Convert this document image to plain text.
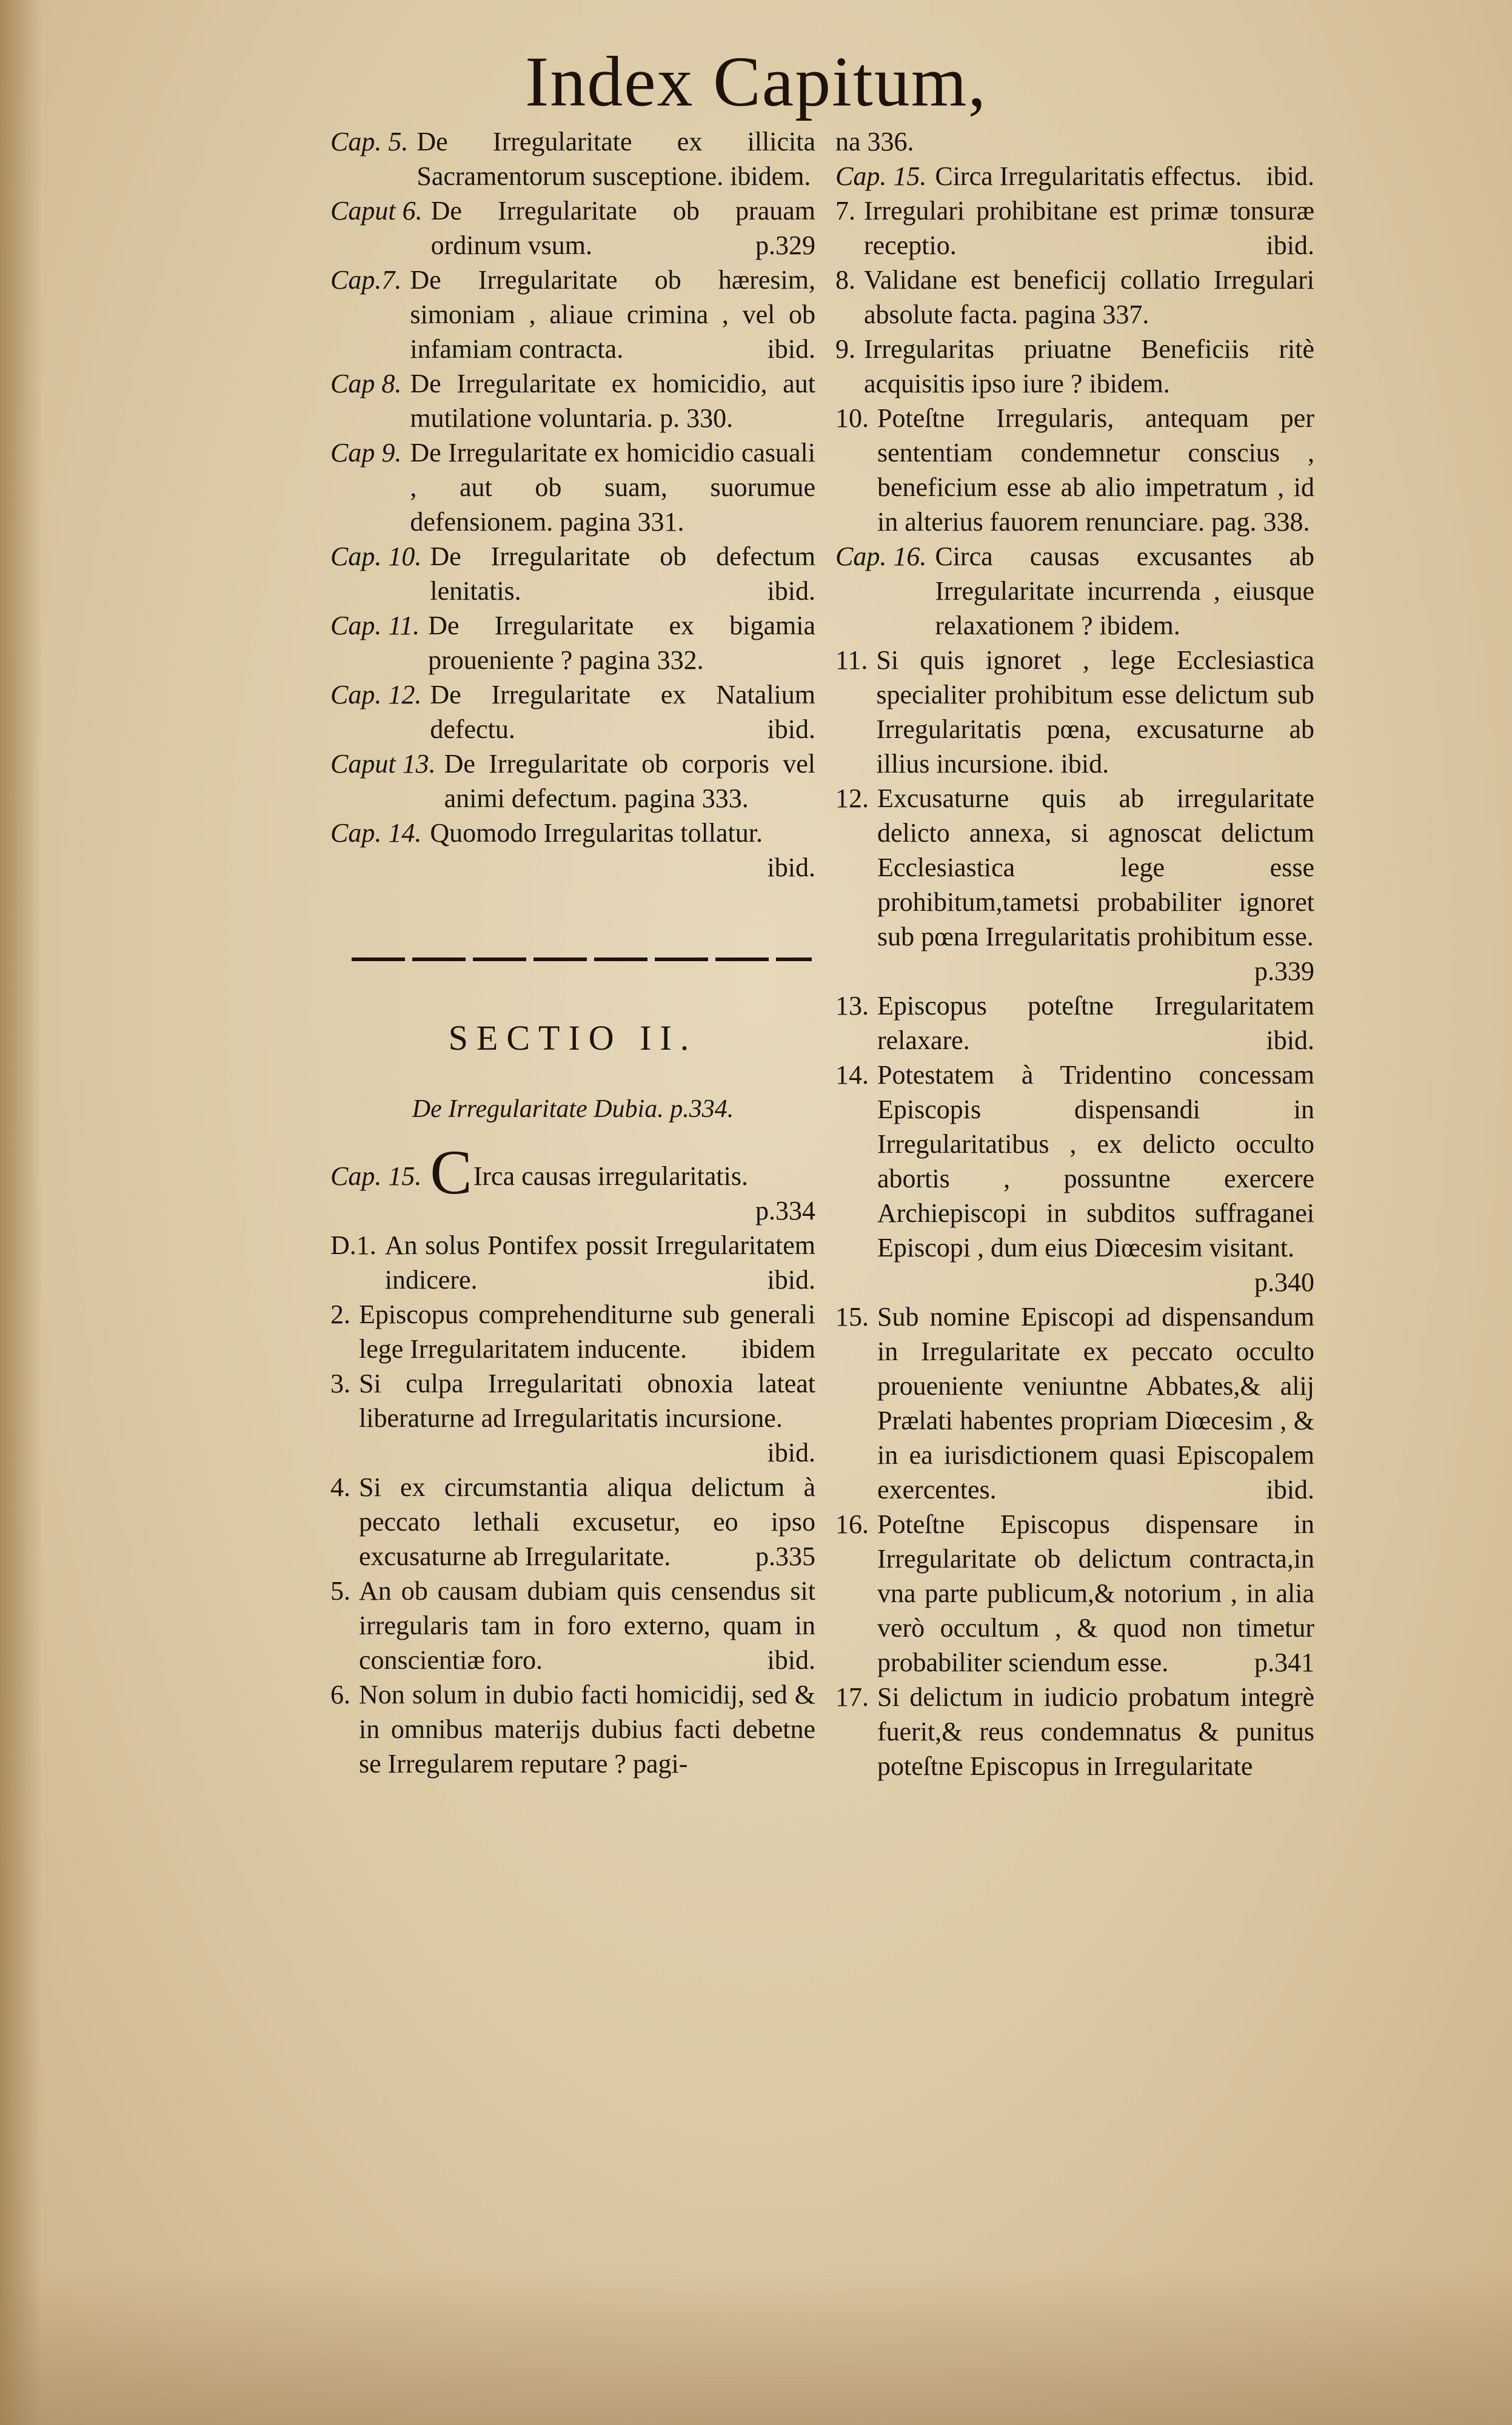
Index Capitum,
Cap. 5. De Irregularitate ex illicita Sacramentorum susceptione. ibidem.
Caput 6. De Irregularitate ob prauam ordinum vsum.	p.329
Cap.7. De Irregularitate ob hæresim, simoniam , aliaue crimina , vel ob infamiam contracta.	ibid.
Cap 8. De Irregularitate ex homicidio, aut mutilatione voluntaria. p. 330.
Cap 9. De Irregularitate ex homicidio casuali , aut ob suam, suorumue defensionem. pagina 331.
Cap. 10. De Irregularitate ob defectum lenitatis.	ibid.
Cap. 11. De Irregularitate ex bigamia proueniente ? pagina 332.
Cap. 12. De Irregularitate ex Natalium defectu.	ibid.
Caput 13. De Irregularitate ob corporis vel animi defectum. pagina 333.
Cap. 14. Quomodo Irregularitas tollatur.
ibid.
SECTIO II.
De Irregularitate Dubia. p.334.
Cap. 15. CIrca causas irregularitatis.
p.334
D.1. An solus Pontifex possit Irregularitatem indicere.	ibid.
2. Episcopus comprehenditurne sub generali lege Irregularitatem inducente. ibidem
3. Si culpa Irregularitati obnoxia lateat liberaturne ad Irregularitatis incursione.
ibid.
4. Si ex circumstantia aliqua delictum à peccato lethali excusetur, eo ipso excusaturne ab Irregularitate.	p.335
5. An ob causam dubiam quis censendus sit irregularis tam in foro externo, quam in conscientiæ foro.	ibid.
6. Non solum in dubio facti homicidij, sed & in omnibus materijs dubius facti debetne se Irregularem reputare ? pagi-
na 336.
Cap. 15. Circa Irregularitatis effectus. ibid.
7. Irregulari prohibitane est primæ tonsuræ receptio.	ibid.
8. Validane est beneficij collatio Irregulari absolute facta. pagina 337.
9. Irregularitas priuatne Beneficiis ritè acquisitis ipso iure ? ibidem.
10. Poteſtne Irregularis, antequam per sententiam condemnetur conscius , beneficium esse ab alio impetratum , id in alterius fauorem renunciare. pag. 338.
Cap. 16. Circa causas excusantes ab Irregularitate incurrenda , eiusque relaxationem ? ibidem.
11. Si quis ignoret , lege Ecclesiastica specialiter prohibitum esse delictum sub Irregularitatis pœna, excusaturne ab illius incursione. ibid.
12. Excusaturne quis ab irregularitate delicto annexa, si agnoscat delictum Ecclesiastica lege esse prohibitum,tametsi probabiliter ignoret sub pœna Irregularitatis prohibitum esse.
p.339
13. Episcopus poteſtne Irregularitatem relaxare.	ibid.
14. Potestatem à Tridentino concessam Episcopis dispensandi in Irregularitatibus , ex delicto occulto abortis , possuntne exercere Archiepiscopi in subditos suffraganei Episcopi , dum eius Diœcesim visitant.
p.340
15. Sub nomine Episcopi ad dispensandum in Irregularitate ex peccato occulto proueniente veniuntne Abbates,& alij Prælati habentes propriam Diœcesim , & in ea iurisdictionem quasi Episcopalem exercentes.	ibid.
16. Poteſtne Episcopus dispensare in Irregularitate ob delictum contracta,in vna parte publicum,& notorium , in alia verò occultum , & quod non timetur probabiliter sciendum esse.	p.341
17. Si delictum in iudicio probatum integrè fuerit,& reus condemnatus & punitus poteſtne Episcopus in Irregularitate
